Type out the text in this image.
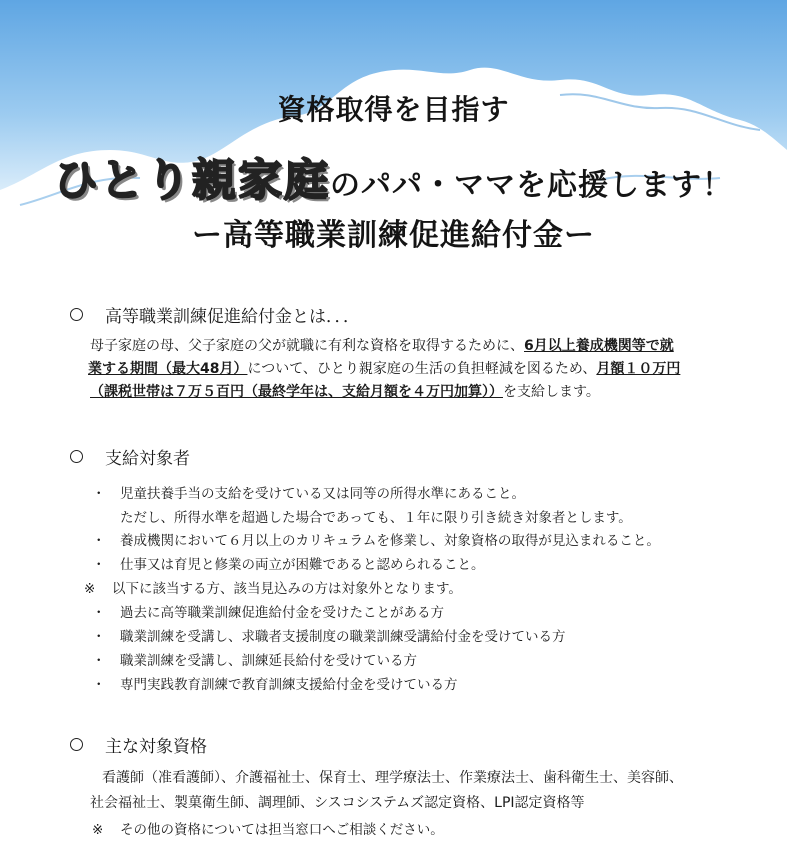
資格取得を目指す
ひとり親家庭のパパ・ママを応援します！
ー高等職業訓練促進給付金ー
高等職業訓練促進給付金とは．．．
母子家庭の母、父子家庭の父が就職に有利な資格を取得するために、6月以上養成機関等で就
業する期間（最大48月）について、ひとり親家庭の生活の負担軽減を図るため、月額１０万円
（課税世帯は７万５百円（最終学年は、支給月額を４万円加算））を支給します。
支給対象者
・ 児童扶養手当の支給を受けている又は同等の所得水準にあること。
ただし、所得水準を超過した場合であっても、１年に限り引き続き対象者とします。
・ 養成機関において６月以上のカリキュラムを修業し、対象資格の取得が見込まれること。
・ 仕事又は育児と修業の両立が困難であると認められること。
※ 以下に該当する方、該当見込みの方は対象外となります。
・ 過去に高等職業訓練促進給付金を受けたことがある方
・ 職業訓練を受講し、求職者支援制度の職業訓練受講給付金を受けている方
・ 職業訓練を受講し、訓練延長給付を受けている方
・ 専門実践教育訓練で教育訓練支援給付金を受けている方
主な対象資格
看護師（准看護師）、介護福祉士、保育士、理学療法士、作業療法士、歯科衛生士、美容師、
社会福祉士、製菓衛生師、調理師、シスコシステムズ認定資格、LPI認定資格等
※ その他の資格については担当窓口へご相談ください。
